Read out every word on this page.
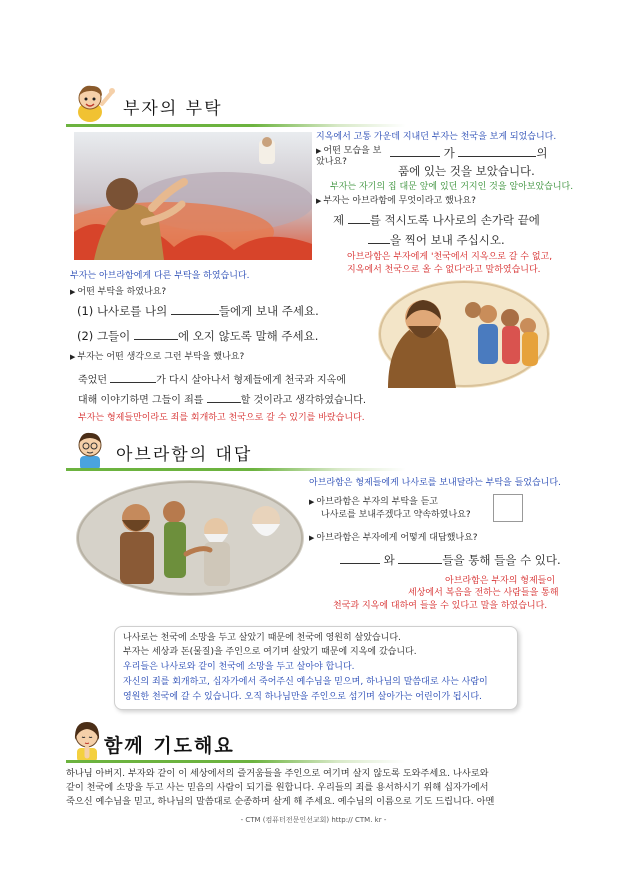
부자의 부탁
지옥에서 고통 가운데 지내던 부자는 천국을 보게 되었습니다.
▶ 어떤 모습을 보았나요?
가	의
품에 있는 것을 보았습니다.
부자는 자기의 집 대문 앞에 있던 거지인 것을 알아보았습니다.
▶ 부자는 아브라함에 무엇이라고 했나요?
제 를 적시도록 나사로의 손가락 끝에
을 찍어 보내 주십시오.
아브라함은 부자에게 '천국에서 지옥으로 갈 수 없고,
지옥에서 천국으로 올 수 없다'라고 말하였습니다.
부자는 아브라함에게 다른 부탁을 하였습니다.
▶ 어떤 부탁을 하였나요?
(1) 나사로를 나의	들에게 보내 주세요.
(2) 그들이	에 오지 않도록 말해 주세요.
▶ 부자는 어떤 생각으로 그런 부탁을 했나요?
죽었던	가 다시 살아나서 형제들에게 천국과 지옥에
대해 이야기하면 그들이 죄를	할 것이라고 생각하였습니다.
부자는 형제들만이라도 죄를 회개하고 천국으로 갈 수 있기를 바랐습니다.
아브라함의 대답
아브라함은 형제들에게 나사로를 보내달라는 부탁을 들었습니다.
▶ 아브라함은 부자의 부탁을 듣고
나사로를 보내주겠다고 약속하였나요?
▶ 아브라함은 부자에게 어떻게 대답했나요?
와	들을 통해 들을 수 있다.
아브라함은 부자의 형제들이
세상에서 복음을 전하는 사람들을 통해
천국과 지옥에 대하여 들을 수 있다고 말을 하였습니다.
나사로는 천국에 소망을 두고 살았기 때문에 천국에 영원히 살았습니다.
부자는 세상과 돈(물질)을 주인으로 여기며 살았기 때문에 지옥에 갔습니다.
우리들은 나사로와 같이 천국에 소망을 두고 살아야 합니다.
자신의 죄를 회개하고, 십자가에서 죽어주신 예수님을 믿으며, 하나님의 말씀대로 사는 사람이
영원한 천국에 갈 수 있습니다. 오직 하나님만을 주인으로 섬기며 살아가는 어린이가 됩시다.
함께 기도해요
하나님 아버지. 부자와 같이 이 세상에서의 즐거움들을 주인으로 여기며 살지 않도록 도와주세요. 나사로와
같이 천국에 소망을 두고 사는 믿음의 사람이 되기를 원합니다. 우리들의 죄를 용서하시기 위해 십자가에서
죽으신 예수님을 믿고, 하나님의 말씀대로 순종하며 살게 해 주세요. 예수님의 이름으로 기도 드립니다. 아멘
- CTM (컴퓨터전문인선교회) http:// CTM. kr -
